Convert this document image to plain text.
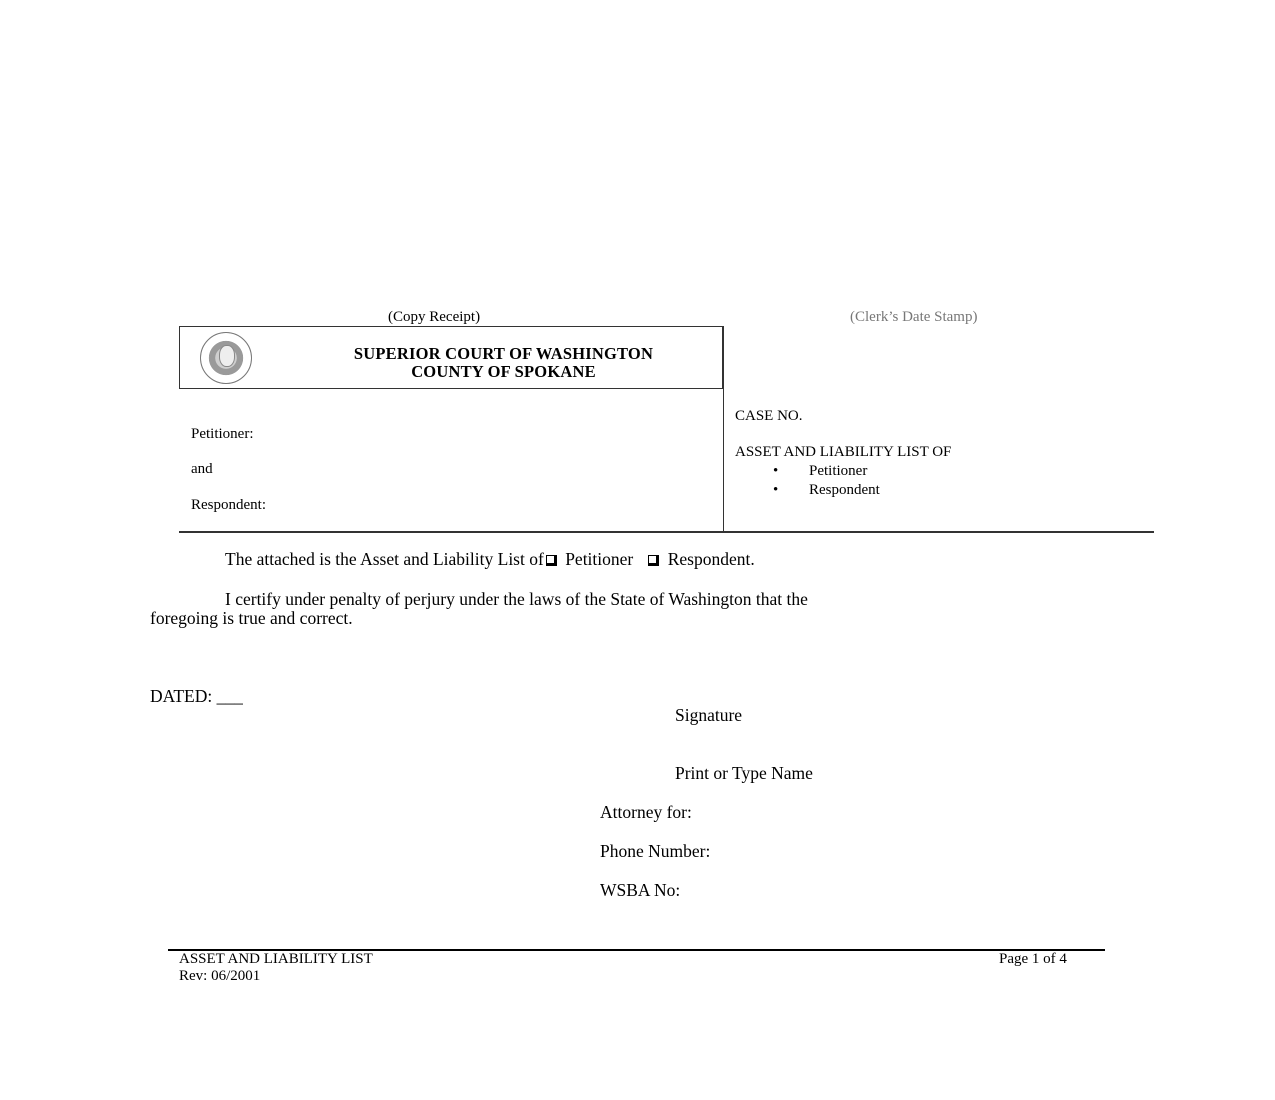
(Copy Receipt)	(Clerk’s Date Stamp)
SUPERIOR COURT OF WASHINGTON
COUNTY OF SPOKANE
Petitioner:
and
Respondent:
CASE NO.
ASSET AND LIABILITY LIST OF
• Petitioner
• Respondent
The attached is the Asset and Liability List of Petitioner Respondent.
I certify under penalty of perjury under the laws of the State of Washington that the
foregoing is true and correct.
DATED: ___
Signature
Print or Type Name
Attorney for:
Phone Number:
WSBA No:
ASSET AND LIABILITY LIST
Rev: 06/2001
Page 1 of 4
